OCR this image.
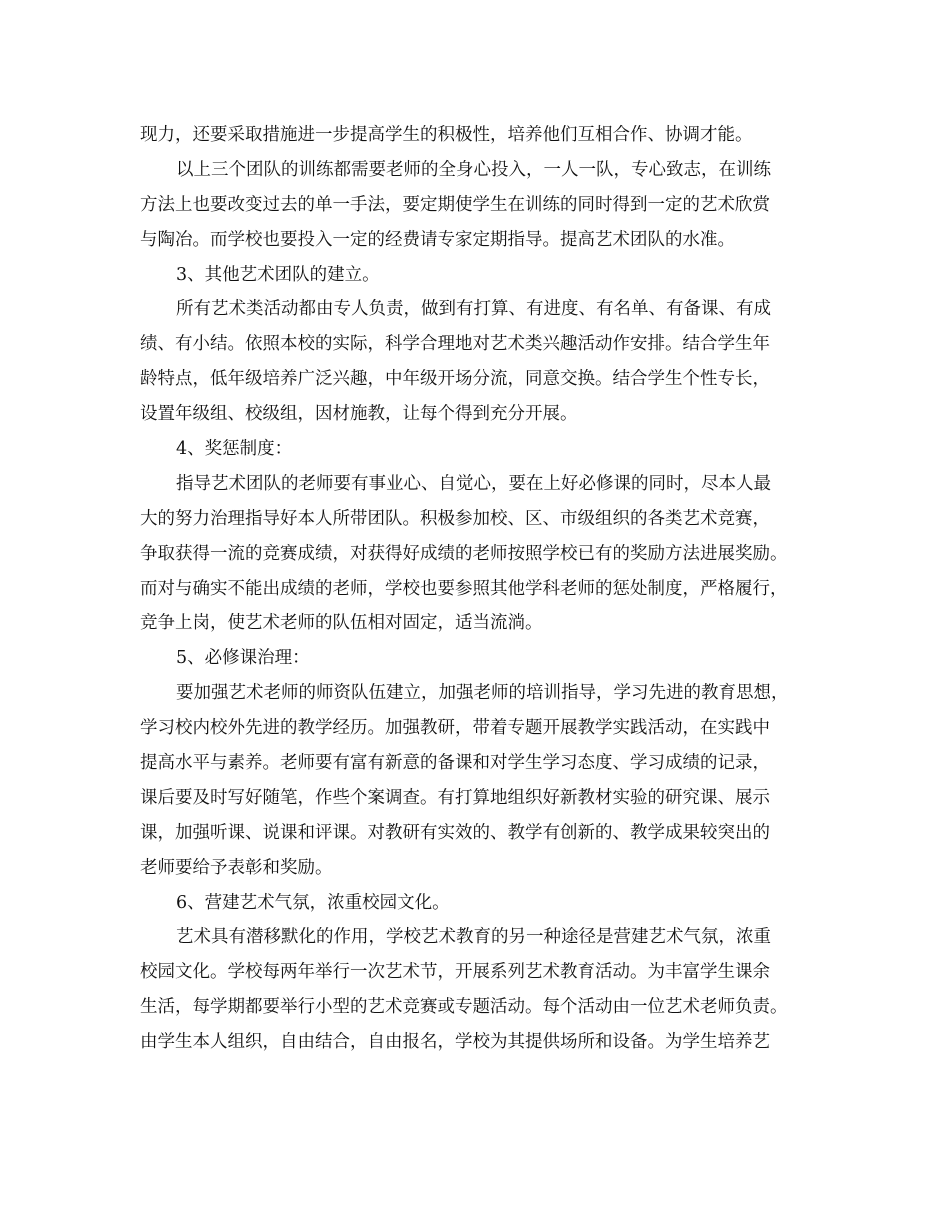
现力，还要采取措施进一步提高学生的积极性，培养他们互相合作、协调才能。
以上三个团队的训练都需要老师的全身心投入，一人一队，专心致志，在训练
方法上也要改变过去的单一手法，要定期使学生在训练的同时得到一定的艺术欣赏
与陶冶。而学校也要投入一定的经费请专家定期指导。提高艺术团队的水准。
3、其他艺术团队的建立。
所有艺术类活动都由专人负责，做到有打算、有进度、有名单、有备课、有成
绩、有小结。依照本校的实际，科学合理地对艺术类兴趣活动作安排。结合学生年
龄特点，低年级培养广泛兴趣，中年级开场分流，同意交换。结合学生个性专长，
设置年级组、校级组，因材施教，让每个得到充分开展。
4、奖惩制度：
指导艺术团队的老师要有事业心、自觉心，要在上好必修课的同时，尽本人最
大的努力治理指导好本人所带团队。积极参加校、区、市级组织的各类艺术竞赛，
争取获得一流的竞赛成绩，对获得好成绩的老师按照学校已有的奖励方法进展奖励。
而对与确实不能出成绩的老师，学校也要参照其他学科老师的惩处制度，严格履行，
竞争上岗，使艺术老师的队伍相对固定，适当流淌。
5、必修课治理：
要加强艺术老师的师资队伍建立，加强老师的培训指导，学习先进的教育思想，
学习校内校外先进的教学经历。加强教研，带着专题开展教学实践活动，在实践中
提高水平与素养。老师要有富有新意的备课和对学生学习态度、学习成绩的记录，
课后要及时写好随笔，作些个案调查。有打算地组织好新教材实验的研究课、展示
课，加强听课、说课和评课。对教研有实效的、教学有创新的、教学成果较突出的
老师要给予表彰和奖励。
6、营建艺术气氛，浓重校园文化。
艺术具有潜移默化的作用，学校艺术教育的另一种途径是营建艺术气氛，浓重
校园文化。学校每两年举行一次艺术节，开展系列艺术教育活动。为丰富学生课余
生活，每学期都要举行小型的艺术竞赛或专题活动。每个活动由一位艺术老师负责。
由学生本人组织，自由结合，自由报名，学校为其提供场所和设备。为学生培养艺
